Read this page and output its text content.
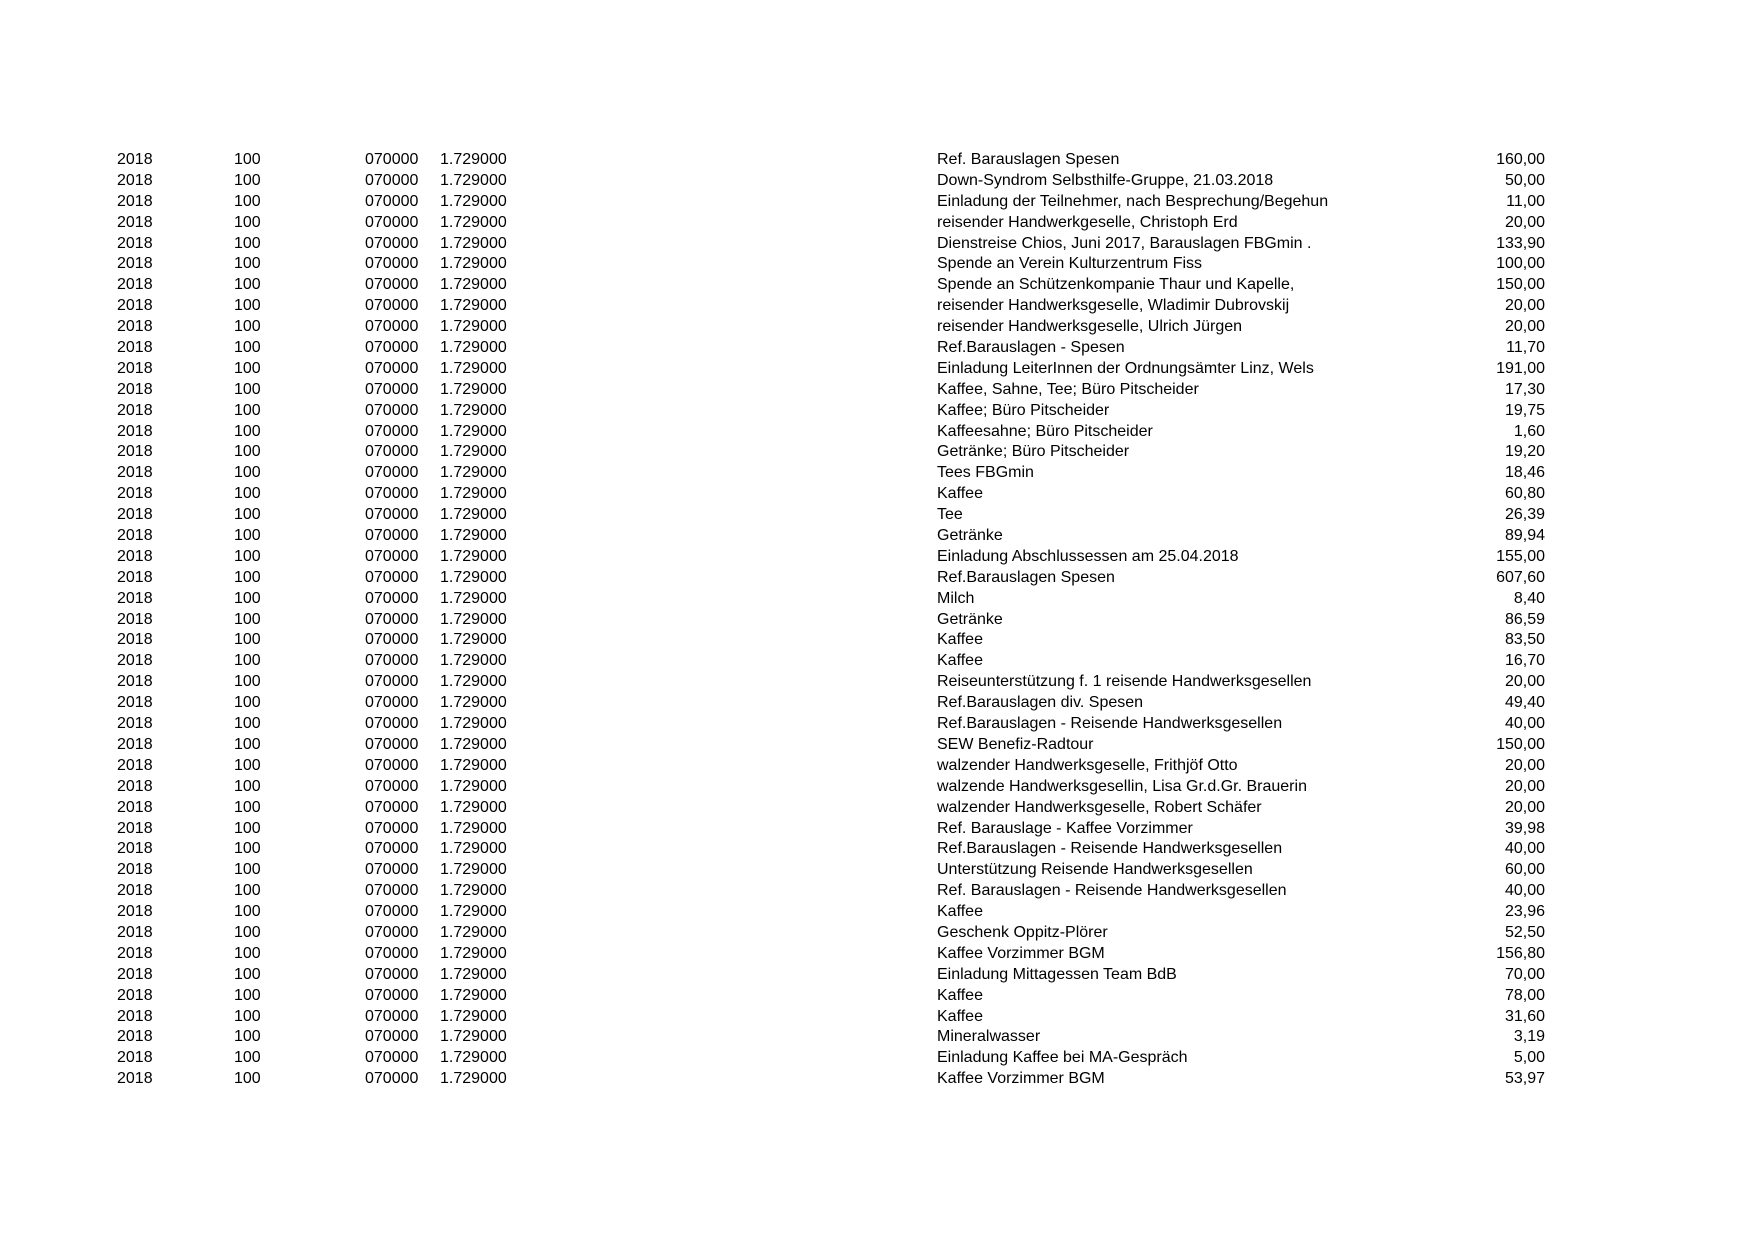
2018	100	070000 1.729000	Ref. Barauslagen Spesen	160,00
2018	100	070000 1.729000	Down-Syndrom Selbsthilfe-Gruppe, 21.03.2018	50,00
2018	100	070000 1.729000	Einladung der Teilnehmer, nach Besprechung/Begehun	11,00
2018	100	070000 1.729000	reisender Handwerkgeselle, Christoph Erd	20,00
2018	100	070000 1.729000	Dienstreise Chios, Juni 2017, Barauslagen FBGmin .	133,90
2018	100	070000 1.729000	Spende an Verein Kulturzentrum Fiss	100,00
2018	100	070000 1.729000	Spende an Schützenkompanie Thaur und Kapelle,	150,00
2018	100	070000 1.729000	reisender Handwerksgeselle, Wladimir Dubrovskij	20,00
2018	100	070000 1.729000	reisender Handwerksgeselle, Ulrich Jürgen	20,00
2018	100	070000 1.729000	Ref.Barauslagen - Spesen	11,70
2018	100	070000 1.729000	Einladung LeiterInnen der Ordnungsämter Linz, Wels	191,00
2018	100	070000 1.729000	Kaffee, Sahne, Tee; Büro Pitscheider	17,30
2018	100	070000 1.729000	Kaffee; Büro Pitscheider	19,75
2018	100	070000 1.729000	Kaffeesahne; Büro Pitscheider	1,60
2018	100	070000 1.729000	Getränke; Büro Pitscheider	19,20
2018	100	070000 1.729000	Tees FBGmin	18,46
2018	100	070000 1.729000	Kaffee	60,80
2018	100	070000 1.729000	Tee	26,39
2018	100	070000 1.729000	Getränke	89,94
2018	100	070000 1.729000	Einladung Abschlussessen am 25.04.2018	155,00
2018	100	070000 1.729000	Ref.Barauslagen Spesen	607,60
2018	100	070000 1.729000	Milch	8,40
2018	100	070000 1.729000	Getränke	86,59
2018	100	070000 1.729000	Kaffee	83,50
2018	100	070000 1.729000	Kaffee	16,70
2018	100	070000 1.729000	Reiseunterstützung f. 1 reisende Handwerksgesellen	20,00
2018	100	070000 1.729000	Ref.Barauslagen div. Spesen	49,40
2018	100	070000 1.729000	Ref.Barauslagen - Reisende Handwerksgesellen	40,00
2018	100	070000 1.729000	SEW Benefiz-Radtour	150,00
2018	100	070000 1.729000	walzender Handwerksgeselle, Frithjöf Otto	20,00
2018	100	070000 1.729000	walzende Handwerksgesellin, Lisa Gr.d.Gr. Brauerin	20,00
2018	100	070000 1.729000	walzender Handwerksgeselle, Robert Schäfer	20,00
2018	100	070000 1.729000	Ref. Barauslage - Kaffee Vorzimmer	39,98
2018	100	070000 1.729000	Ref.Barauslagen - Reisende Handwerksgesellen	40,00
2018	100	070000 1.729000	Unterstützung Reisende Handwerksgesellen	60,00
2018	100	070000 1.729000	Ref. Barauslagen - Reisende Handwerksgesellen	40,00
2018	100	070000 1.729000	Kaffee	23,96
2018	100	070000 1.729000	Geschenk Oppitz-Plörer	52,50
2018	100	070000 1.729000	Kaffee Vorzimmer BGM	156,80
2018	100	070000 1.729000	Einladung Mittagessen Team BdB	70,00
2018	100	070000 1.729000	Kaffee	78,00
2018	100	070000 1.729000	Kaffee	31,60
2018	100	070000 1.729000	Mineralwasser	3,19
2018	100	070000 1.729000	Einladung Kaffee bei MA-Gespräch	5,00
2018	100	070000 1.729000	Kaffee Vorzimmer BGM	53,97
